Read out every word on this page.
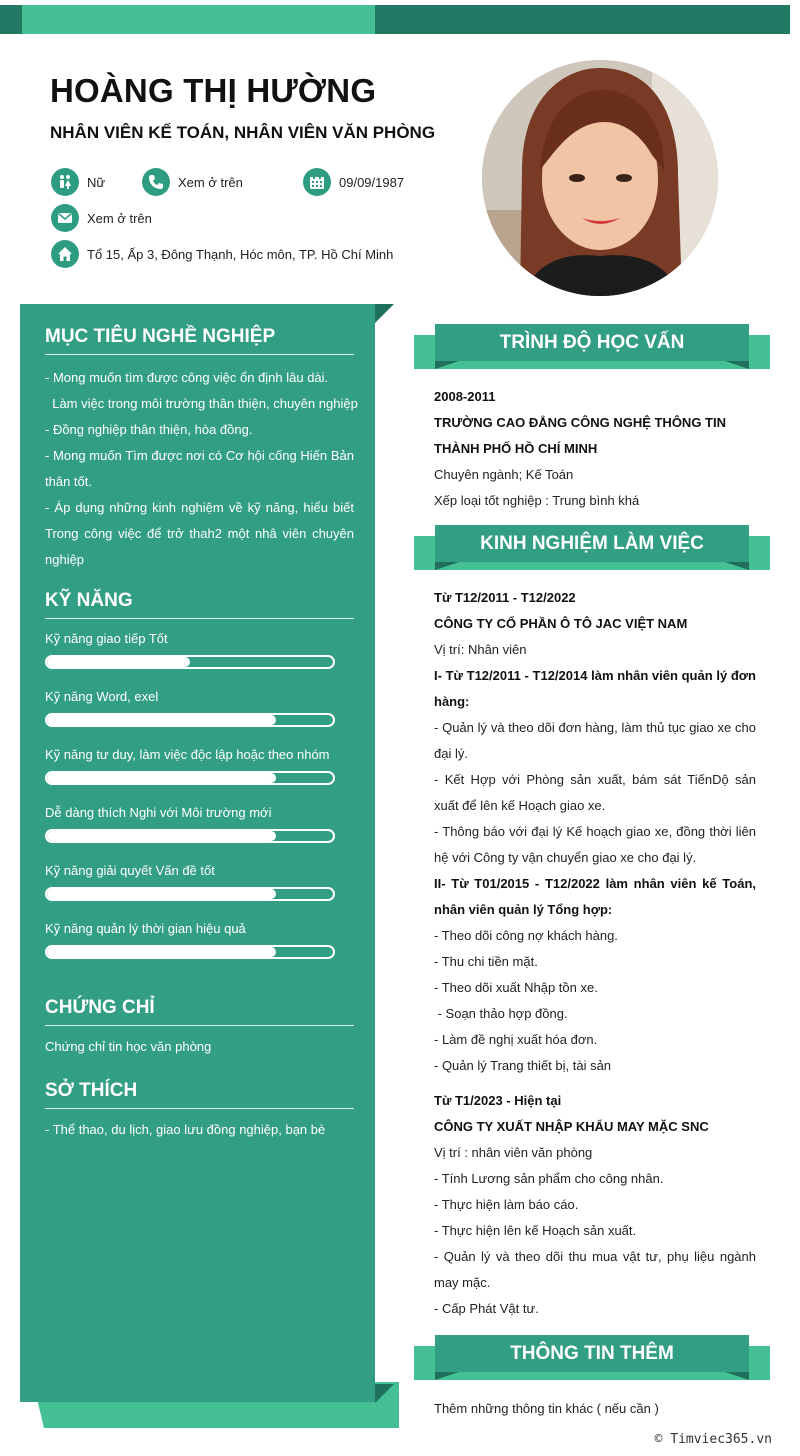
HOÀNG THỊ HƯỜNG
NHÂN VIÊN KẾ TOÁN, NHÂN VIÊN VĂN PHÒNG
Nữ	Xem ở trên	09/09/1987
Xem ở trên
Tổ 15, Ấp 3, Đông Thạnh, Hóc môn, TP. Hồ Chí Minh
MỤC TIÊU NGHỀ NGHIỆP
- Mong muốn tìm được công việc ổn định lâu dài.
Làm việc trong môi trường thân thiện, chuyên nghiệp
- Đồng nghiệp thân thiện, hòa đồng.
- Mong muốn Tìm được nơi có Cơ hội cống Hiến Bản thân tốt.
- Áp dụng những kinh nghiệm về kỹ năng, hiểu biết Trong công việc để trở thah2 một nhâ viên chuyên nghiệp
KỸ NĂNG
Kỹ năng giao tiếp Tốt
Kỹ năng Word, exel
Kỹ năng tư duy, làm việc độc lập hoặc theo nhóm
Dễ dàng thích Nghi với Môi trường mới
Kỹ năng giải quyết Vấn đề tốt
Kỹ năng quản lý thời gian hiệu quả
CHỨNG CHỈ
Chứng chỉ tin học văn phòng
SỞ THÍCH
- Thể thao, du lịch, giao lưu đồng nghiệp, bạn bè
TRÌNH ĐỘ HỌC VẤN
2008-2011
TRƯỜNG CAO ĐẲNG CÔNG NGHỆ THÔNG TIN THÀNH PHỐ HỒ CHÍ MINH
Chuyên ngành; Kế Toán
Xếp loại tốt nghiệp : Trung bình khá
KINH NGHIỆM LÀM VIỆC
Từ T12/2011 - T12/2022
CÔNG TY CỔ PHẦN Ô TÔ JAC VIỆT NAM
Vị trí: Nhân viên

I- Từ T12/2011 - T12/2014 làm nhân viên quản lý đơn hàng:

- Quản lý và theo dõi đơn hàng, làm thủ tục giao xe cho đại lý.

- Kết Hợp với Phòng sản xuất, bám sát TiếnDộ sản xuất để lên kế Hoạch giao xe.

- Thông báo với đại lý Kế hoạch giao xe, đồng thời liên hệ với Công ty vận chuyển giao xe cho đại lý.

II- Từ T01/2015 - T12/2022 làm nhân viên kế Toán, nhân viên quản lý Tổng hợp:

- Theo dõi công nợ khách hàng.
- Thu chi tiền mặt.
- Theo dõi xuất Nhập tồn xe.
- Soạn thảo hợp đồng.
- Làm đề nghị xuất hóa đơn.
- Quản lý Trang thiết bị, tài sản
Từ T1/2023 - Hiện tại
CÔNG TY XUẤT NHẬP KHẨU MAY MẶC SNC
Vị trí : nhân viên văn phòng
- Tính Lương sản phẩm cho công nhân.
- Thực hiện làm báo cáo.
- Thực hiện lên kế Hoạch sản xuất.

- Quản lý và theo dõi thu mua vật tư, phụ liệu ngành may mặc.

- Cấp Phát Vật tư.
THÔNG TIN THÊM
Thêm những thông tin khác ( nếu cần )
© Timviec365.vn
